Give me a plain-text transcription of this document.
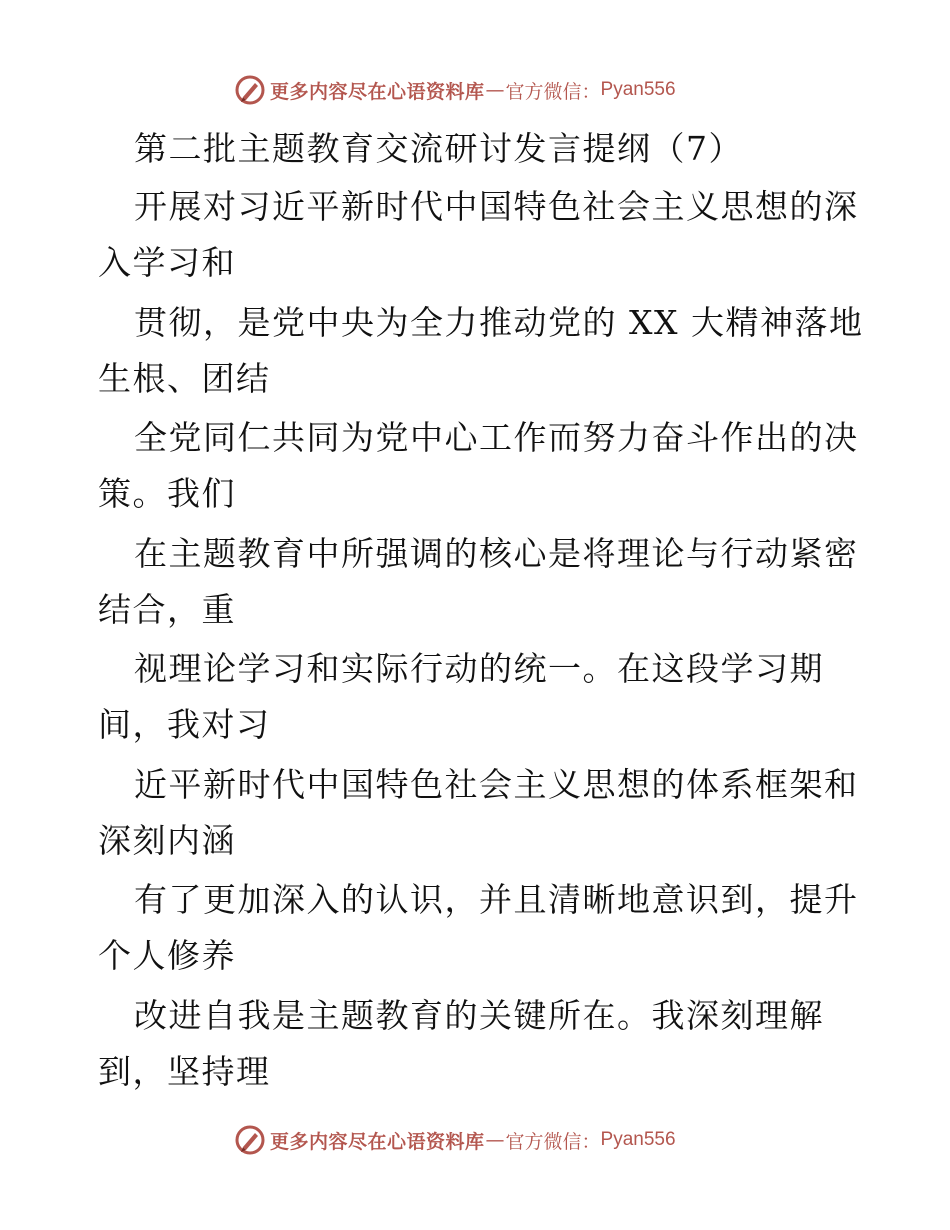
更多内容尽在心语资料库 — 官方微信： Pyan556
第二批主题教育交流研讨发言提纲（7）
开展对习近平新时代中国特色社会主义思想的深
入学习和
贯彻，是党中央为全力推动党的 XX 大精神落地
生根、团结
全党同仁共同为党中心工作而努力奋斗作出的决
策。我们
在主题教育中所强调的核心是将理论与行动紧密
结合，重
视理论学习和实际行动的统一。在这段学习期
间，我对习
近平新时代中国特色社会主义思想的体系框架和
深刻内涵
有了更加深入的认识，并且清晰地意识到，提升
个人修养
改进自我是主题教育的关键所在。我深刻理解
到，坚持理
更多内容尽在心语资料库 — 官方微信： Pyan556
